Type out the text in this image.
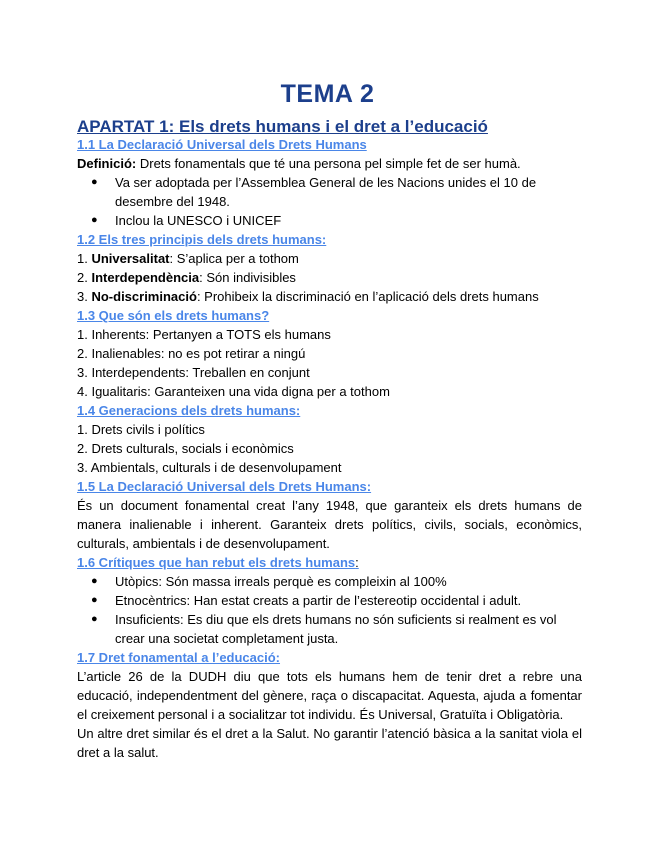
TEMA 2
APARTAT 1: Els drets humans i el dret a l’educació
1.1 La Declaració Universal dels Drets Humans
Definició: Drets fonamentals que té una persona pel simple fet de ser humà.
● Va ser adoptada per l’Assemblea General de les Nacions unides el 10 de desembre del 1948.
● Inclou la UNESCO i UNICEF
1.2 Els tres principis dels drets humans:
1. Universalitat: S’aplica per a tothom
2. Interdependència: Són indivisibles
3. No-discriminació: Prohibeix la discriminació en l’aplicació dels drets humans
1.3 Que són els drets humans?
1. Inherents: Pertanyen a TOTS els humans
2. Inalienables: no es pot retirar a ningú
3. Interdependents: Treballen en conjunt
4. Igualitaris: Garanteixen una vida digna per a tothom
1.4 Generacions dels drets humans:
1. Drets civils i polítics
2. Drets culturals, socials i econòmics
3. Ambientals, culturals i de desenvolupament
1.5 La Declaració Universal dels Drets Humans:
És un document fonamental creat l’any 1948, que garanteix els drets humans de manera inalienable i inherent. Garanteix drets polítics, civils, socials, econòmics, culturals, ambientals i de desenvolupament.
1.6 Crítiques que han rebut els drets humans:
● Utòpics: Són massa irreals perquè es compleixin al 100%
● Etnocèntrics: Han estat creats a partir de l’estereotip occidental i adult.
● Insuficients: Es diu que els drets humans no són suficients si realment es vol crear una societat completament justa.
1.7 Dret fonamental a l’educació:
L’article 26 de la DUDH diu que tots els humans hem de tenir dret a rebre una educació, independentment del gènere, raça o discapacitat. Aquesta, ajuda a fomentar el creixement personal i a socialitzar tot individu. És Universal, Gratuïta i Obligatòria.
Un altre dret similar és el dret a la Salut. No garantir l’atenció bàsica a la sanitat viola el dret a la salut.
